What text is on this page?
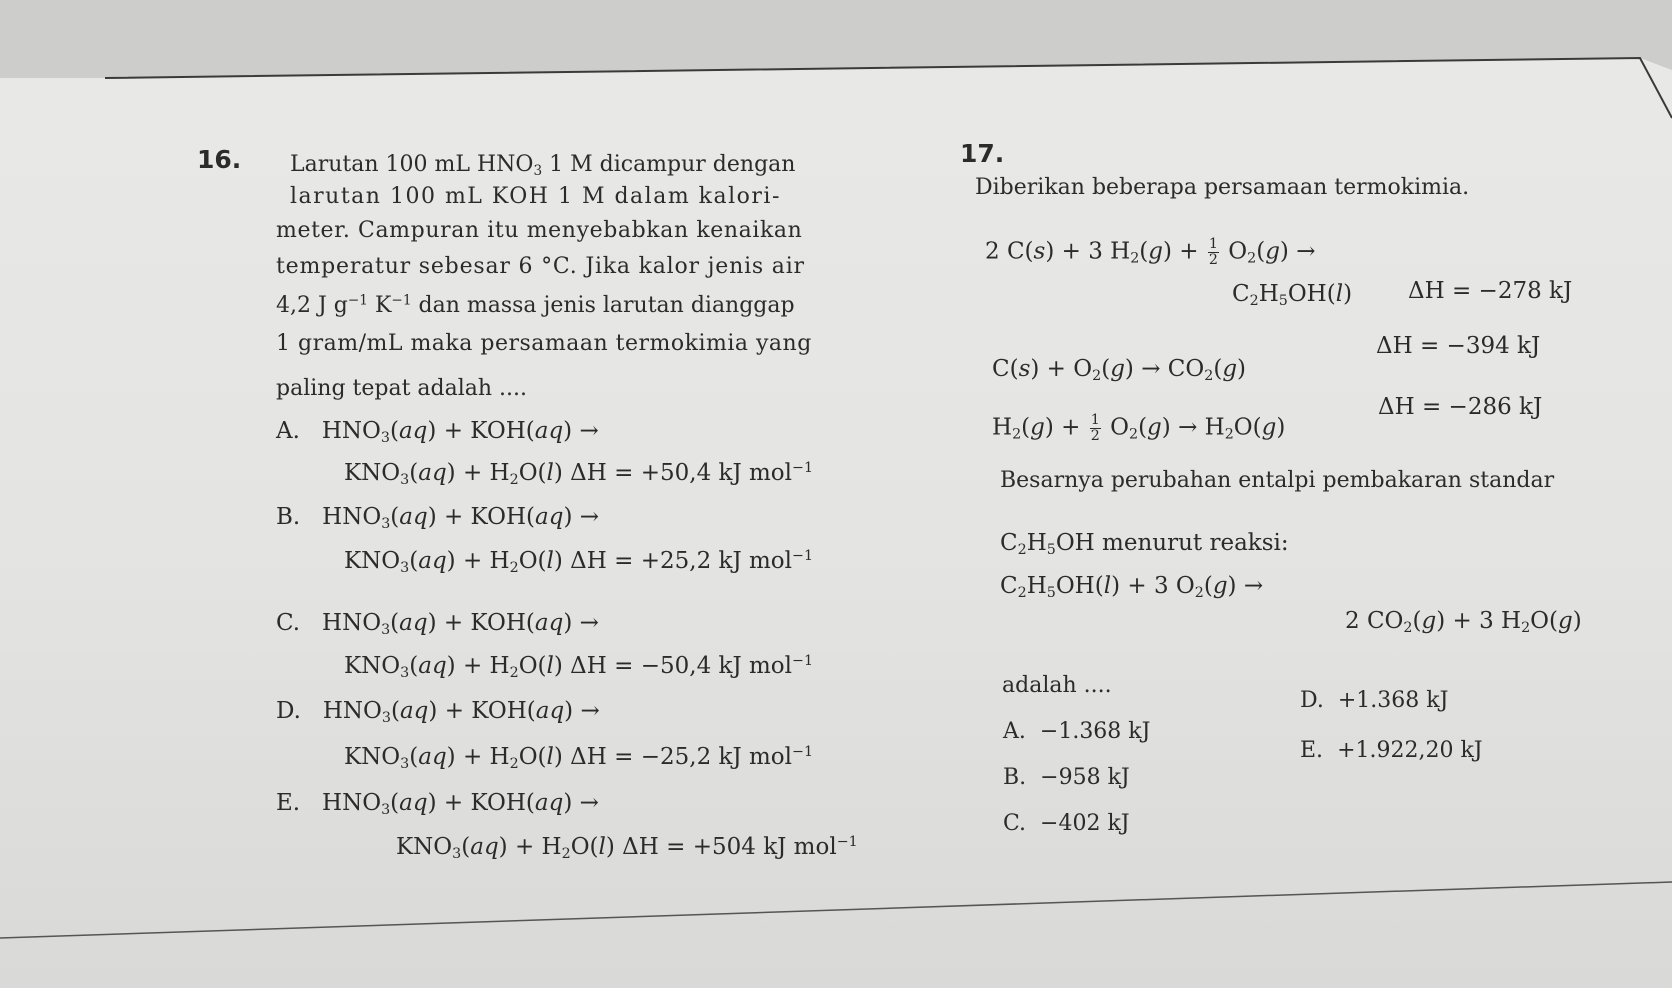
16. Larutan 100 mL $HNO_3$ 1 M dicampur dengan
larutan 100 mL KOH 1 M dalam kalori-
meter. Campuran itu menyebabkan kenaikan
temperatur sebesar 6 °C. Jika kalor jenis air
4,2 J $g^{-1}$ $K^{-1}$ dan massa jenis larutan dianggap
1 gram/mL maka persamaan termokimia yang
paling tepat adalah ....
A.   $HNO_3(aq) + KOH(aq)$ →
$KNO_3(aq) + H_2O(l) \Delta H = +50,4$ kJ mol$^{-1}$
B.   $HNO_3(aq) + KOH(aq)$ →
$KNO_3(aq) + H_2O(l) \Delta H = +25,2$ kJ mol$^{-1}$
C.   $HNO_3(aq) + KOH(aq)$ →
$KNO_3(aq) + H_2O(l) \Delta H = -50,4$ kJ mol$^{-1}$
D.   $HNO_3(aq) + KOH(aq)$ →
$KNO_3(aq) + H_2O(l) \Delta H = -25,2$ kJ mol$^{-1}$
E.   $HNO_3(aq) + KOH(aq)$ →
$KNO_3(aq) + H_2O(l) \Delta H = +504$ kJ mol$^{-1}$
17.
Diberikan beberapa persamaan termokimia.
2 C(s) + 3 $H_2(g) + \frac{1}{2} O_2(g)$ →
$C_2H_5OH(l) \Delta H = -278$ kJ
$C(s) + O_2(g) \to CO_2(g)$
ΔH = −394 kJ
$H_2(g) + \frac{1}{2} O_2(g) \to H_2O(g)$
ΔH = −286 kJ
Besarnya perubahan entalpi pembakaran standar
$C_2H_5OH$ menurut reaksi:
$C_2H_5OH(l) + 3$ $O_2(g)$ →
2 $CO_2(g) + 3$ $H_2O(g)$
adalah ....
A. −1.368 kJ
B. −958 kJ
C. −402 kJ
D. +1.368 kJ
E. +1.922,20 kJ
